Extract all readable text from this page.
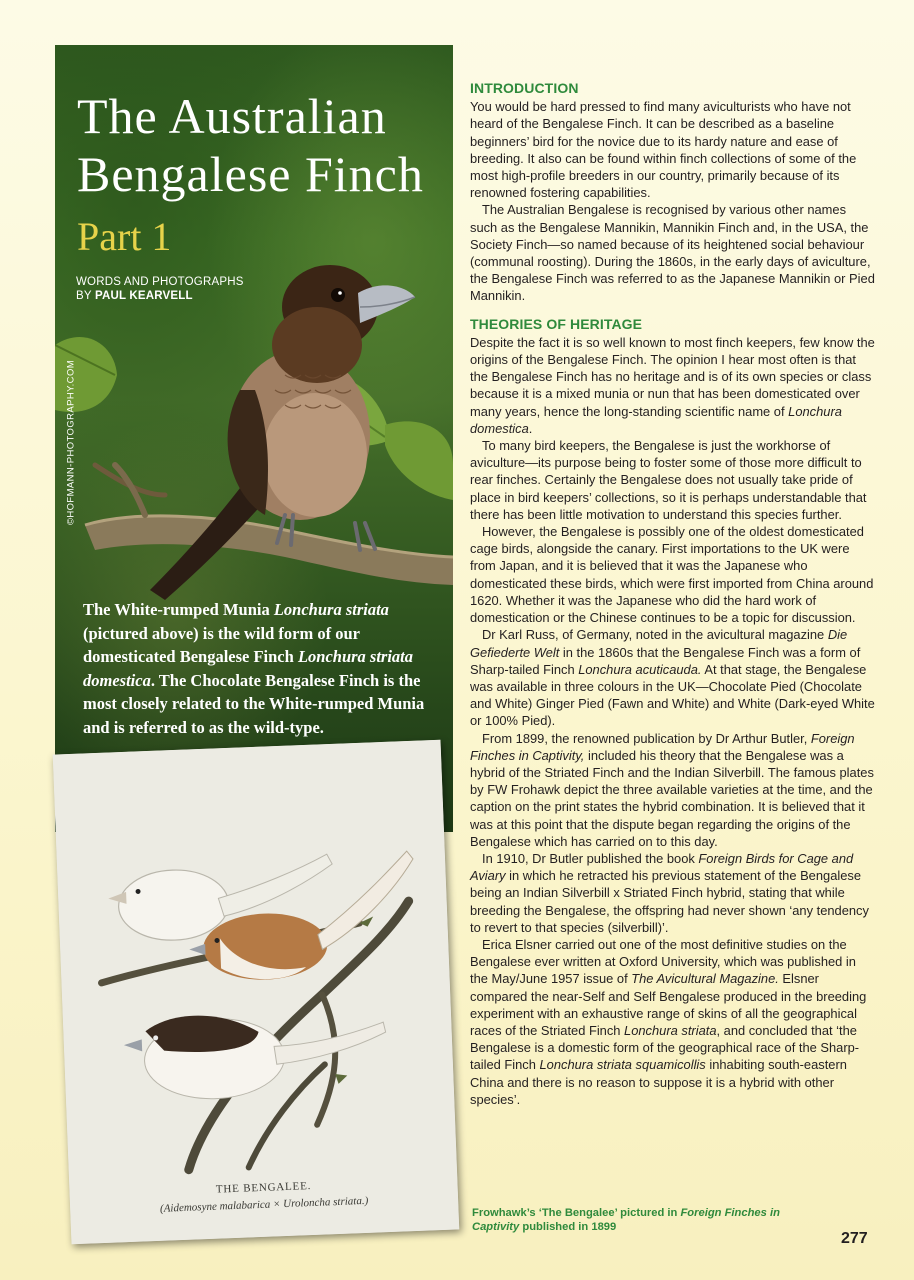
The Australian
Bengalese Finch
Part 1
WORDS AND PHOTOGRAPHS
BY PAUL KEARVELL
©HOFMANN-PHOTOGRAPHY.COM
The White-rumped Munia Lonchura striata (pictured above) is the wild form of our domesticated Bengalese Finch Lonchura striata domestica. The Chocolate Bengalese Finch is the most closely related to the White-rumped Munia and is referred to as the wild-type.
THE BENGALEE.
(Aidemosyne malabarica × Uroloncha striata.)
INTRODUCTION

You would be hard pressed to find many aviculturists who have not heard of the Bengalese Finch. It can be described as a baseline beginners’ bird for the novice due to its hardy nature and ease of breeding. It also can be found within finch collections of some of the most high-profile breeders in our country, primarily because of its renowned fostering capabilities.

The Australian Bengalese is recognised by various other names such as the Bengalese Mannikin, Mannikin Finch and, in the USA, the Society Finch—so named because of its heightened social behaviour (communal roosting). During the 1860s, in the early days of aviculture, the Bengalese Finch was referred to as the Japanese Mannikin or Pied Mannikin.

THEORIES OF HERITAGE

Despite the fact it is so well known to most finch keepers, few know the origins of the Bengalese Finch. The opinion I hear most often is that the Bengalese Finch has no heritage and is of its own species or class because it is a mixed munia or nun that has been domesticated over many years, hence the long-standing scientific name of Lonchura domestica.

To many bird keepers, the Bengalese is just the workhorse of aviculture—its purpose being to foster some of those more difficult to rear finches. Certainly the Bengalese does not usually take pride of place in bird keepers’ collections, so it is perhaps understandable that there has been little motivation to understand this species further.

However, the Bengalese is possibly one of the oldest domesticated cage birds, alongside the canary. First importations to the UK were from Japan, and it is believed that it was the Japanese who domesticated these birds, which were first imported from China around 1620. Whether it was the Japanese who did the hard work of domestication or the Chinese continues to be a topic for discussion.

Dr Karl Russ, of Germany, noted in the avicultural magazine Die Gefiederte Welt in the 1860s that the Bengalese Finch was a form of Sharp-tailed Finch Lonchura acuticauda. At that stage, the Bengalese was available in three colours in the UK—Chocolate Pied (Chocolate and White) Ginger Pied (Fawn and White) and White (Dark-eyed White or 100% Pied).

From 1899, the renowned publication by Dr Arthur Butler, Foreign Finches in Captivity, included his theory that the Bengalese was a hybrid of the Striated Finch and the Indian Silverbill. The famous plates by FW Frohawk depict the three available varieties at the time, and the caption on the print states the hybrid combination. It is believed that it was at this point that the dispute began regarding the origins of the Bengalese which has carried on to this day.

In 1910, Dr Butler published the book Foreign Birds for Cage and Aviary in which he retracted his previous statement of the Bengalese being an Indian Silverbill x Striated Finch hybrid, stating that while breeding the Bengalese, the offspring had never shown ‘any tendency to revert to that species (silverbill)’.

Erica Elsner carried out one of the most definitive studies on the Bengalese ever written at Oxford University, which was published in the May/June 1957 issue of The Avicultural Magazine. Elsner compared the near-Self and Self Bengalese produced in the breeding experiment with an exhaustive range of skins of all the geographical races of the Striated Finch Lonchura striata, and concluded that ‘the Bengalese is a domestic form of the geographical race of the Sharp-tailed Finch Lonchura striata squamicollis inhabiting south-eastern China and there is no reason to suppose it is a hybrid with other species’.

Frowhawk’s ‘The Bengalee’ pictured in Foreign Finches in Captivity published in 1899
277
